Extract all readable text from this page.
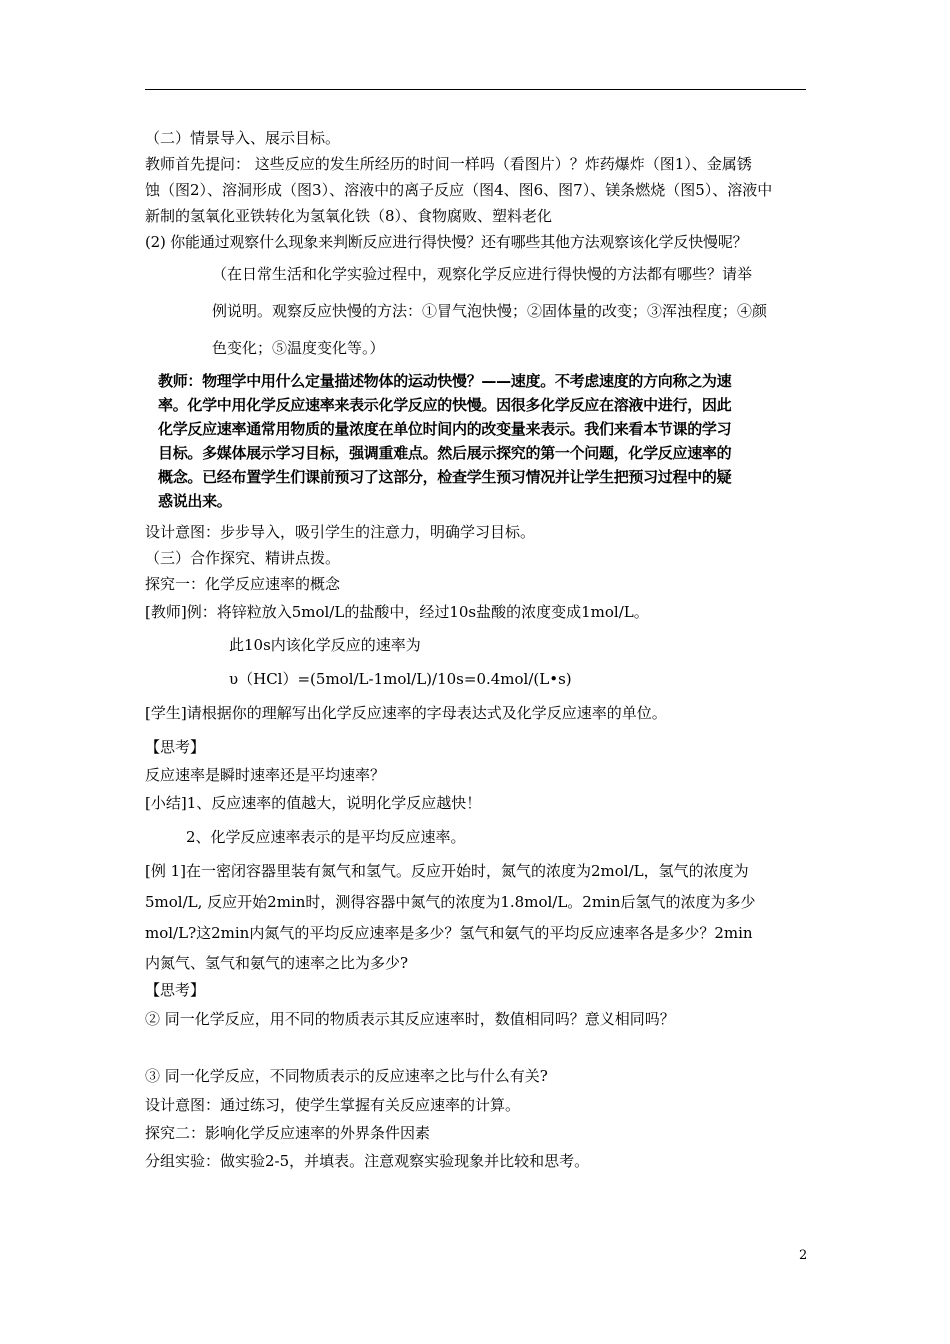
（二）情景导入、展示目标。
教师首先提问： 这些反应的发生所经历的时间一样吗（看图片）？炸药爆炸（图1）、金属锈
蚀（图2）、溶洞形成（图3）、溶液中的离子反应（图4、图6、图7）、镁条燃烧（图5）、溶液中
新制的氢氧化亚铁转化为氢氧化铁（8）、食物腐败、塑料老化
(2) 你能通过观察什么现象来判断反应进行得快慢？还有哪些其他方法观察该化学反快慢呢？
（在日常生活和化学实验过程中，观察化学反应进行得快慢的方法都有哪些？请举
例说明。观察反应快慢的方法：①冒气泡快慢；②固体量的改变；③浑浊程度；④颜
色变化；⑤温度变化等。）
教师：物理学中用什么定量描述物体的运动快慢？——速度。不考虑速度的方向称之为速
率。化学中用化学反应速率来表示化学反应的快慢。因很多化学反应在溶液中进行，因此
化学反应速率通常用物质的量浓度在单位时间内的改变量来表示。我们来看本节课的学习
目标。多媒体展示学习目标，强调重难点。然后展示探究的第一个问题，化学反应速率的
概念。已经布置学生们课前预习了这部分，检查学生预习情况并让学生把预习过程中的疑
惑说出来。
设计意图：步步导入，吸引学生的注意力，明确学习目标。
（三）合作探究、精讲点拨。
探究一：化学反应速率的概念
[教师]例：将锌粒放入5mol/L的盐酸中，经过10s盐酸的浓度变成1mol/L。
此10s内该化学反应的速率为
υ（HCl）=(5mol/L-1mol/L)/10s=0.4mol/(L•s)
[学生]请根据你的理解写出化学反应速率的字母表达式及化学反应速率的单位。
【思考】
反应速率是瞬时速率还是平均速率？
[小结]1、反应速率的值越大，说明化学反应越快！
2、化学反应速率表示的是平均反应速率。
[例 1]在一密闭容器里装有氮气和氢气。反应开始时，氮气的浓度为2mol/L，氢气的浓度为
5mol/L, 反应开始2min时，测得容器中氮气的浓度为1.8mol/L。2min后氢气的浓度为多少
mol/L?这2min内氮气的平均反应速率是多少？氢气和氨气的平均反应速率各是多少？2min
内氮气、氢气和氨气的速率之比为多少?
【思考】
② 同一化学反应，用不同的物质表示其反应速率时，数值相同吗？意义相同吗？
③ 同一化学反应，不同物质表示的反应速率之比与什么有关?
设计意图：通过练习，使学生掌握有关反应速率的计算。
探究二：影响化学反应速率的外界条件因素
分组实验：做实验2-5，并填表。注意观察实验现象并比较和思考。
2
